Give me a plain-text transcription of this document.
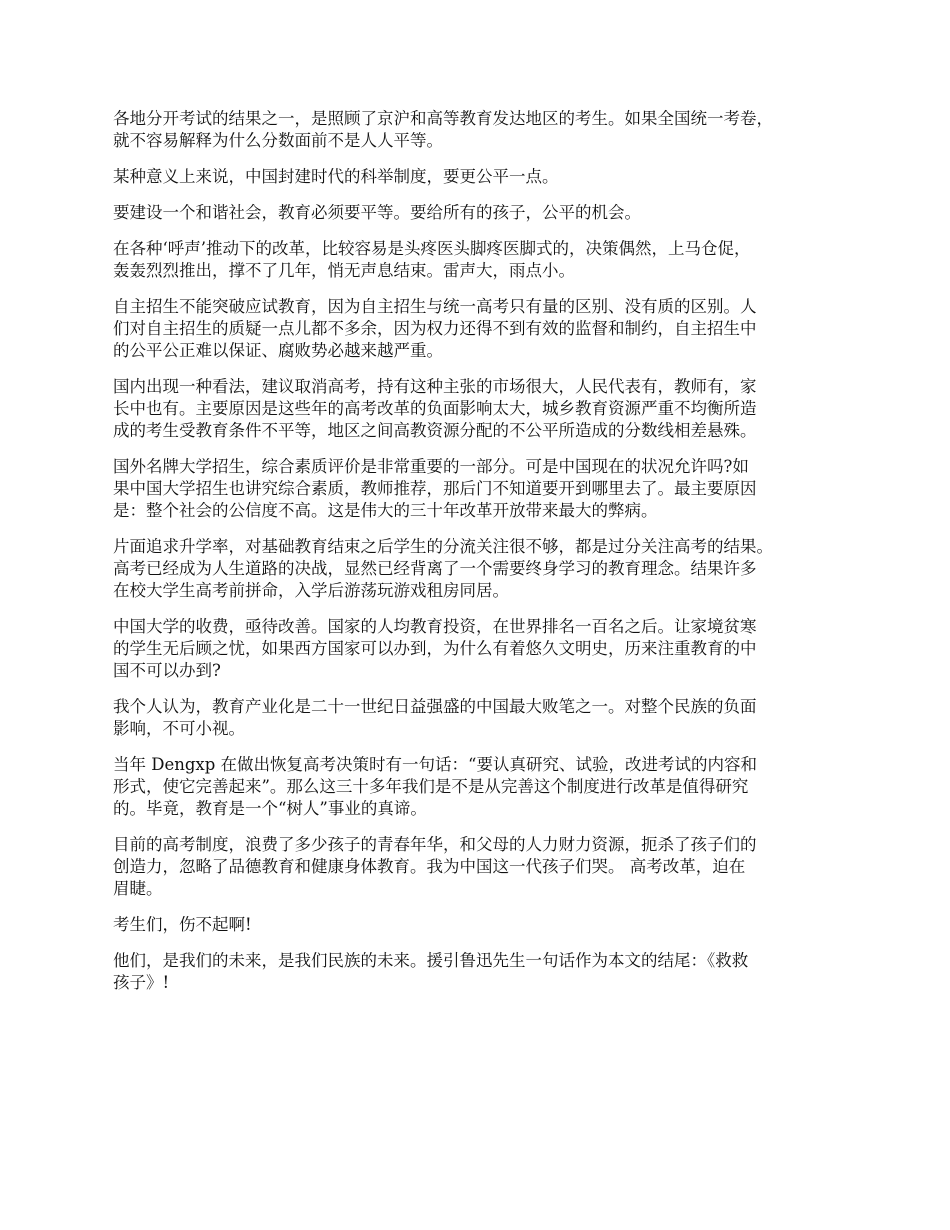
各地分开考试的结果之一，是照顾了京沪和高等教育发达地区的考生。如果全国统一考卷，
就不容易解释为什么分数面前不是人人平等。

某种意义上来说，中国封建时代的科举制度，要更公平一点。

要建设一个和谐社会，教育必须要平等。要给所有的孩子，公平的机会。

在各种‘呼声’推动下的改革，比较容易是头疼医头脚疼医脚式的，决策偶然，上马仓促，
轰轰烈烈推出，撑不了几年，悄无声息结束。雷声大，雨点小。

自主招生不能突破应试教育，因为自主招生与统一高考只有量的区别、没有质的区别。人
们对自主招生的质疑一点儿都不多余，因为权力还得不到有效的监督和制约，自主招生中
的公平公正难以保证、腐败势必越来越严重。

国内出现一种看法，建议取消高考，持有这种主张的市场很大，人民代表有，教师有，家
长中也有。主要原因是这些年的高考改革的负面影响太大，城乡教育资源严重不均衡所造
成的考生受教育条件不平等，地区之间高教资源分配的不公平所造成的分数线相差悬殊。

国外名牌大学招生，综合素质评价是非常重要的一部分。可是中国现在的状况允许吗?如
果中国大学招生也讲究综合素质，教师推荐，那后门不知道要开到哪里去了。最主要原因
是：整个社会的公信度不高。这是伟大的三十年改革开放带来最大的弊病。

片面追求升学率，对基础教育结束之后学生的分流关注很不够，都是过分关注高考的结果。
高考已经成为人生道路的决战，显然已经背离了一个需要终身学习的教育理念。结果许多
在校大学生高考前拼命，入学后游荡玩游戏租房同居。

中国大学的收费，亟待改善。国家的人均教育投资，在世界排名一百名之后。让家境贫寒
的学生无后顾之忧，如果西方国家可以办到，为什么有着悠久文明史，历来注重教育的中
国不可以办到?

我个人认为，教育产业化是二十一世纪日益强盛的中国最大败笔之一。对整个民族的负面
影响，不可小视。

当年 Dengxp 在做出恢复高考决策时有一句话：“要认真研究、试验，改进考试的内容和
形式，使它完善起来”。那么这三十多年我们是不是从完善这个制度进行改革是值得研究
的。毕竟，教育是一个“树人”事业的真谛。

目前的高考制度，浪费了多少孩子的青春年华，和父母的人力财力资源，扼杀了孩子们的
创造力，忽略了品德教育和健康身体教育。我为中国这一代孩子们哭。 高考改革，迫在
眉睫。

考生们，伤不起啊!

他们，是我们的未来，是我们民族的未来。援引鲁迅先生一句话作为本文的结尾：《救救
孩子》!
